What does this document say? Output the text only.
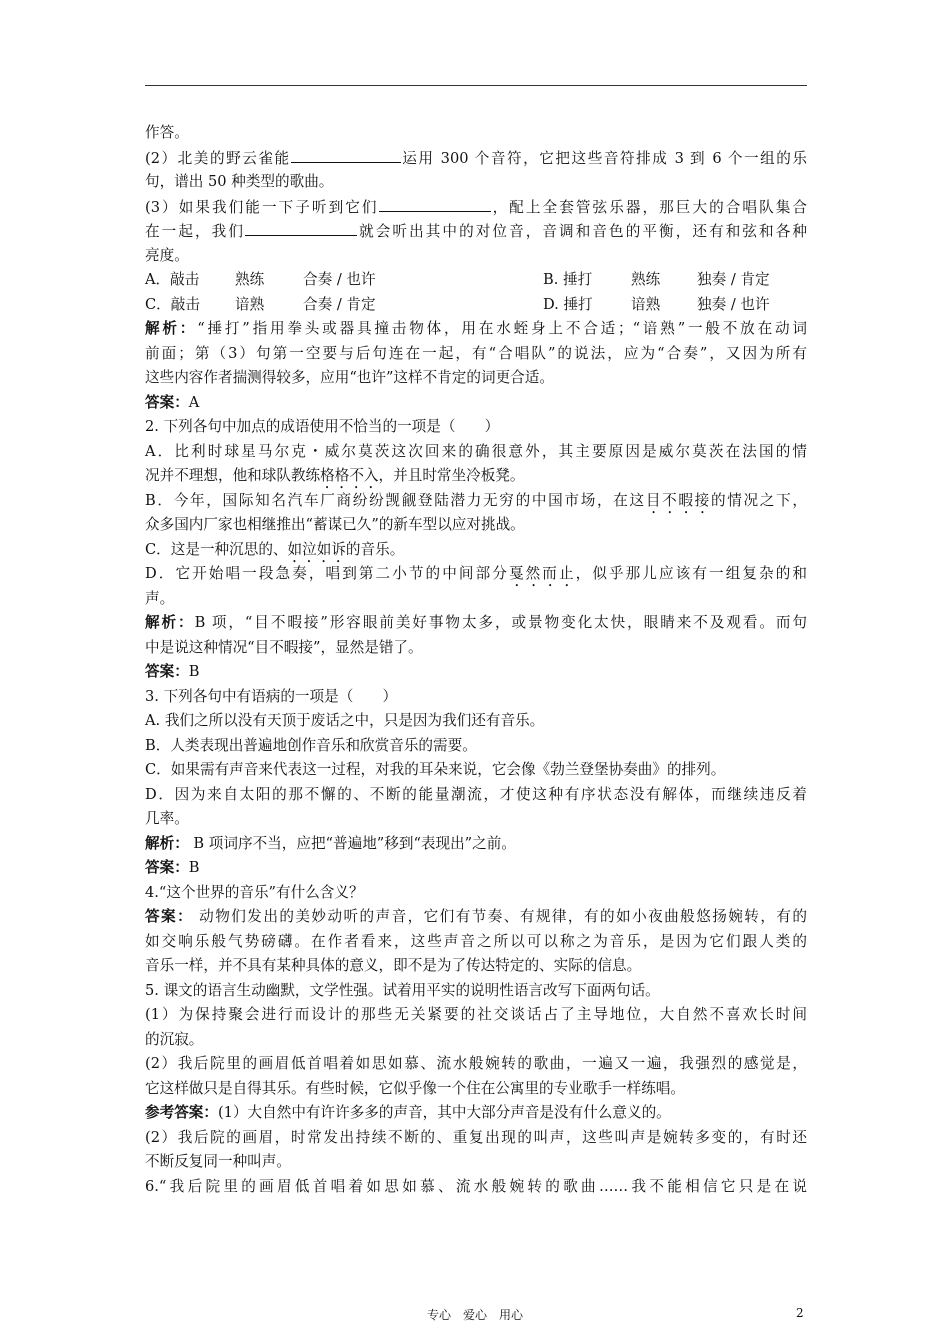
作答。
(2）北美的野云雀能	运用 300 个音符，它把这些音符排成 3 到 6 个一组的乐
句，谱出 50 种类型的歌曲。
(3）如果我们能一下子听到它们	，配上全套管弦乐器，那巨大的合唱队集合
在一起，我们	就会听出其中的对位音，音调和音色的平衡，还有和弦和各种
亮度。
A．敲击	熟练	合奏 / 也许	B. 捶打	熟练	独奏 / 肯定
C．敲击	谙熟	合奏 / 肯定	D. 捶打	谙熟	独奏 / 也许
解析：“捶打”指用拳头或器具撞击物体，用在水蛭身上不合适；“谙熟”一般不放在动词
前面；第（3）句第一空要与后句连在一起，有“合唱队”的说法，应为“合奏”，又因为所有
这些内容作者揣测得较多，应用“也许”这样不肯定的词更合适。
答案：A
2. 下列各句中加点的成语使用不恰当的一项是（　　）
A．比利时球星马尔克・威尔莫茨这次回来的确很意外，其主要原因是威尔莫茨在法国的情
况并不理想，他和球队教练格格不入，并且时常坐冷板凳。
B．今年，国际知名汽车厂商纷纷觊觎登陆潜力无穷的中国市场，在这目不暇接的情况之下，
众多国内厂家也相继推出“蓄谋已久”的新车型以应对挑战。
C．这是一种沉思的、如泣如诉的音乐。
D．它开始唱一段急奏，唱到第二小节的中间部分戛然而止，似乎那儿应该有一组复杂的和
声。
解析：B 项，“目不暇接”形容眼前美好事物太多，或景物变化太快，眼睛来不及观看。而句
中是说这种情况“目不暇接”，显然是错了。
答案：B
3. 下列各句中有语病的一项是（　　）
A. 我们之所以没有天顶于废话之中，只是因为我们还有音乐。
B．人类表现出普遍地创作音乐和欣赏音乐的需要。
C．如果需有声音来代表这一过程，对我的耳朵来说，它会像《勃兰登堡协奏曲》的排列。
D．因为来自太阳的那不懈的、不断的能量潮流，才使这种有序状态没有解体，而继续违反着
几率。
解析： B 项词序不当，应把“普遍地”移到“表现出”之前。
答案：B
4.“这个世界的音乐”有什么含义？
答案： 动物们发出的美妙动听的声音，它们有节奏、有规律，有的如小夜曲般悠扬婉转，有的
如交响乐般气势磅礴。在作者看来，这些声音之所以可以称之为音乐，是因为它们跟人类的
音乐一样，并不具有某种具体的意义，即不是为了传达特定的、实际的信息。
5. 课文的语言生动幽默，文学性强。试着用平实的说明性语言改写下面两句话。
(1）为保持聚会进行而设计的那些无关紧要的社交谈话占了主导地位，大自然不喜欢长时间
的沉寂。
(2）我后院里的画眉低首唱着如思如慕、流水般婉转的歌曲，一遍又一遍，我强烈的感觉是，
它这样做只是自得其乐。有些时候，它似乎像一个住在公寓里的专业歌手一样练唱。
参考答案：(1）大自然中有许许多多的声音，其中大部分声音是没有什么意义的。
(2）我后院的画眉，时常发出持续不断的、重复出现的叫声，这些叫声是婉转多变的，有时还
不断反复同一种叫声。
6.“我后院里的画眉低首唱着如思如慕、流水般婉转的歌曲……我不能相信它只是在说
专心　爱心　用心	2
